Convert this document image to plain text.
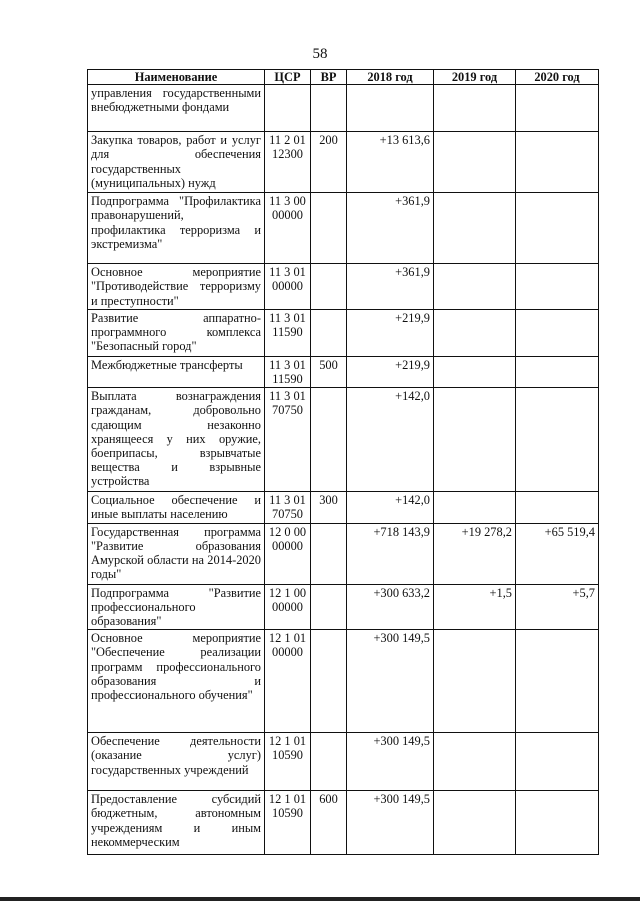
58
Наименование	ЦСР	ВР	2018 год	2019 год	2020 год
управления государственными внебюджетными фондами					
Закупка товаров, работ и услуг для обеспечения государственных (муниципальных) нужд	11 2 01 12300	200	+13 613,6		
Подпрограмма "Профилактика правонарушений, профилактика терроризма и экстремизма"	11 3 00 00000		+361,9		
Основное мероприятие "Противодействие терроризму и преступности"	11 3 01 00000		+361,9		
Развитие аппаратно-программного комплекса "Безопасный город"	11 3 01 11590		+219,9		
Межбюджетные трансферты	11 3 01 11590	500	+219,9		
Выплата вознаграждения гражданам, добровольно сдающим незаконно хранящееся у них оружие, боеприпасы, взрывчатые вещества и взрывные устройства	11 3 01 70750		+142,0		
Социальное обеспечение и иные выплаты населению	11 3 01 70750	300	+142,0		
Государственная программа "Развитие образования Амурской области на 2014-2020 годы"	12 0 00 00000		+718 143,9	+19 278,2	+65 519,4
Подпрограмма "Развитие профессионального образования"	12 1 00 00000		+300 633,2	+1,5	+5,7
Основное мероприятие "Обеспечение реализации программ профессионального образования и профессионального обучения"	12 1 01 00000		+300 149,5		
Обеспечение деятельности (оказание услуг) государственных учреждений	12 1 01 10590		+300 149,5		
Предоставление субсидий бюджетным, автономным учреждениям и иным некоммерческим	12 1 01 10590	600	+300 149,5		
